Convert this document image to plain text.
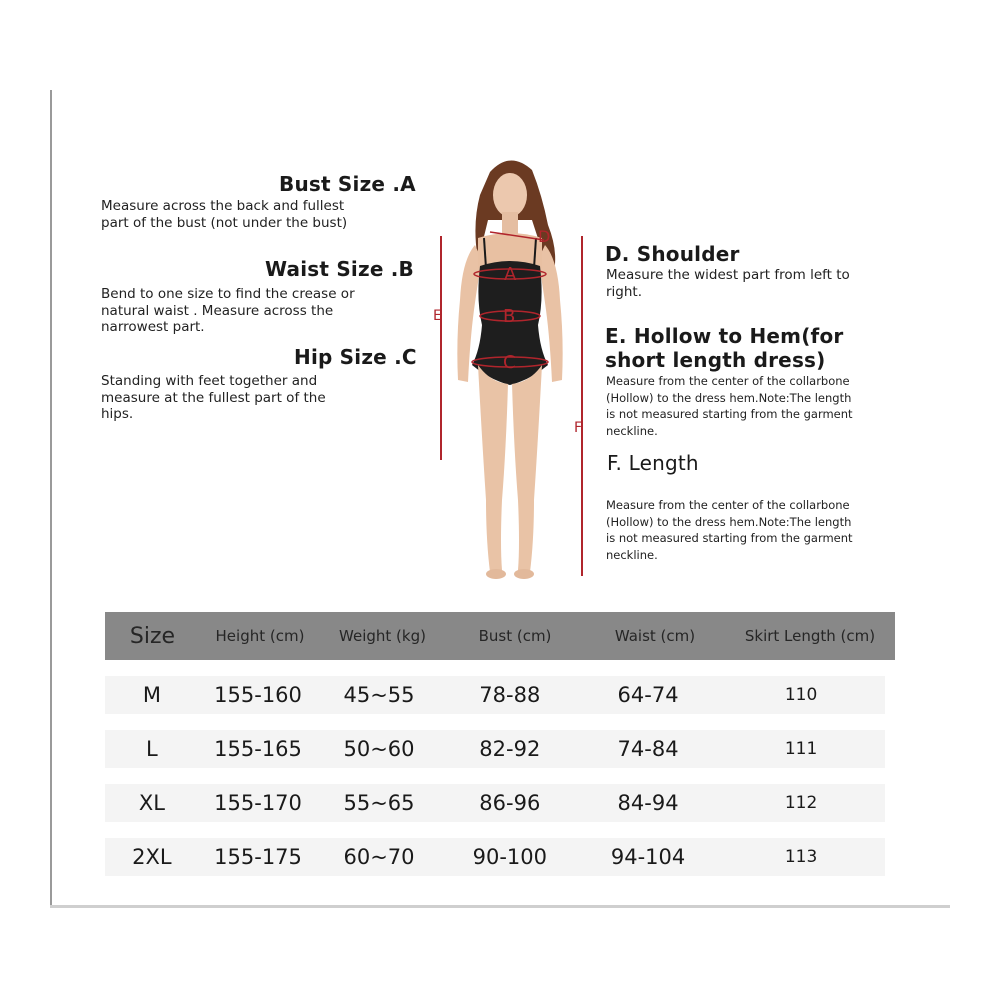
Bust Size .A
Measure across the back and fullest
part of the bust (not under the bust)
Waist Size .B
Bend to one size to find the crease or
natural waist . Measure across the
narrowest part.
Hip Size .C
Standing with feet together and
measure at the fullest part of the
hips.
D
A
B
C
E
F
D. Shoulder
Measure the widest part from left to
right.
E. Hollow to Hem(for
short length dress)
Measure from the center of the collarbone
(Hollow) to the dress hem.Note:The length
is not measured starting from the garment
neckline.
F. Length
Measure from the center of the collarbone
(Hollow) to the dress hem.Note:The length
is not measured starting from the garment
neckline.
Size	Height (cm)	Weight (kg)	Bust (cm)	Waist (cm)	Skirt Length (cm)
M	155-160	45~55	78-88	64-74	110
L	155-165	50~60	82-92	74-84	111
XL	155-170	55~65	86-96	84-94	112
2XL	155-175	60~70	90-100	94-104	113
